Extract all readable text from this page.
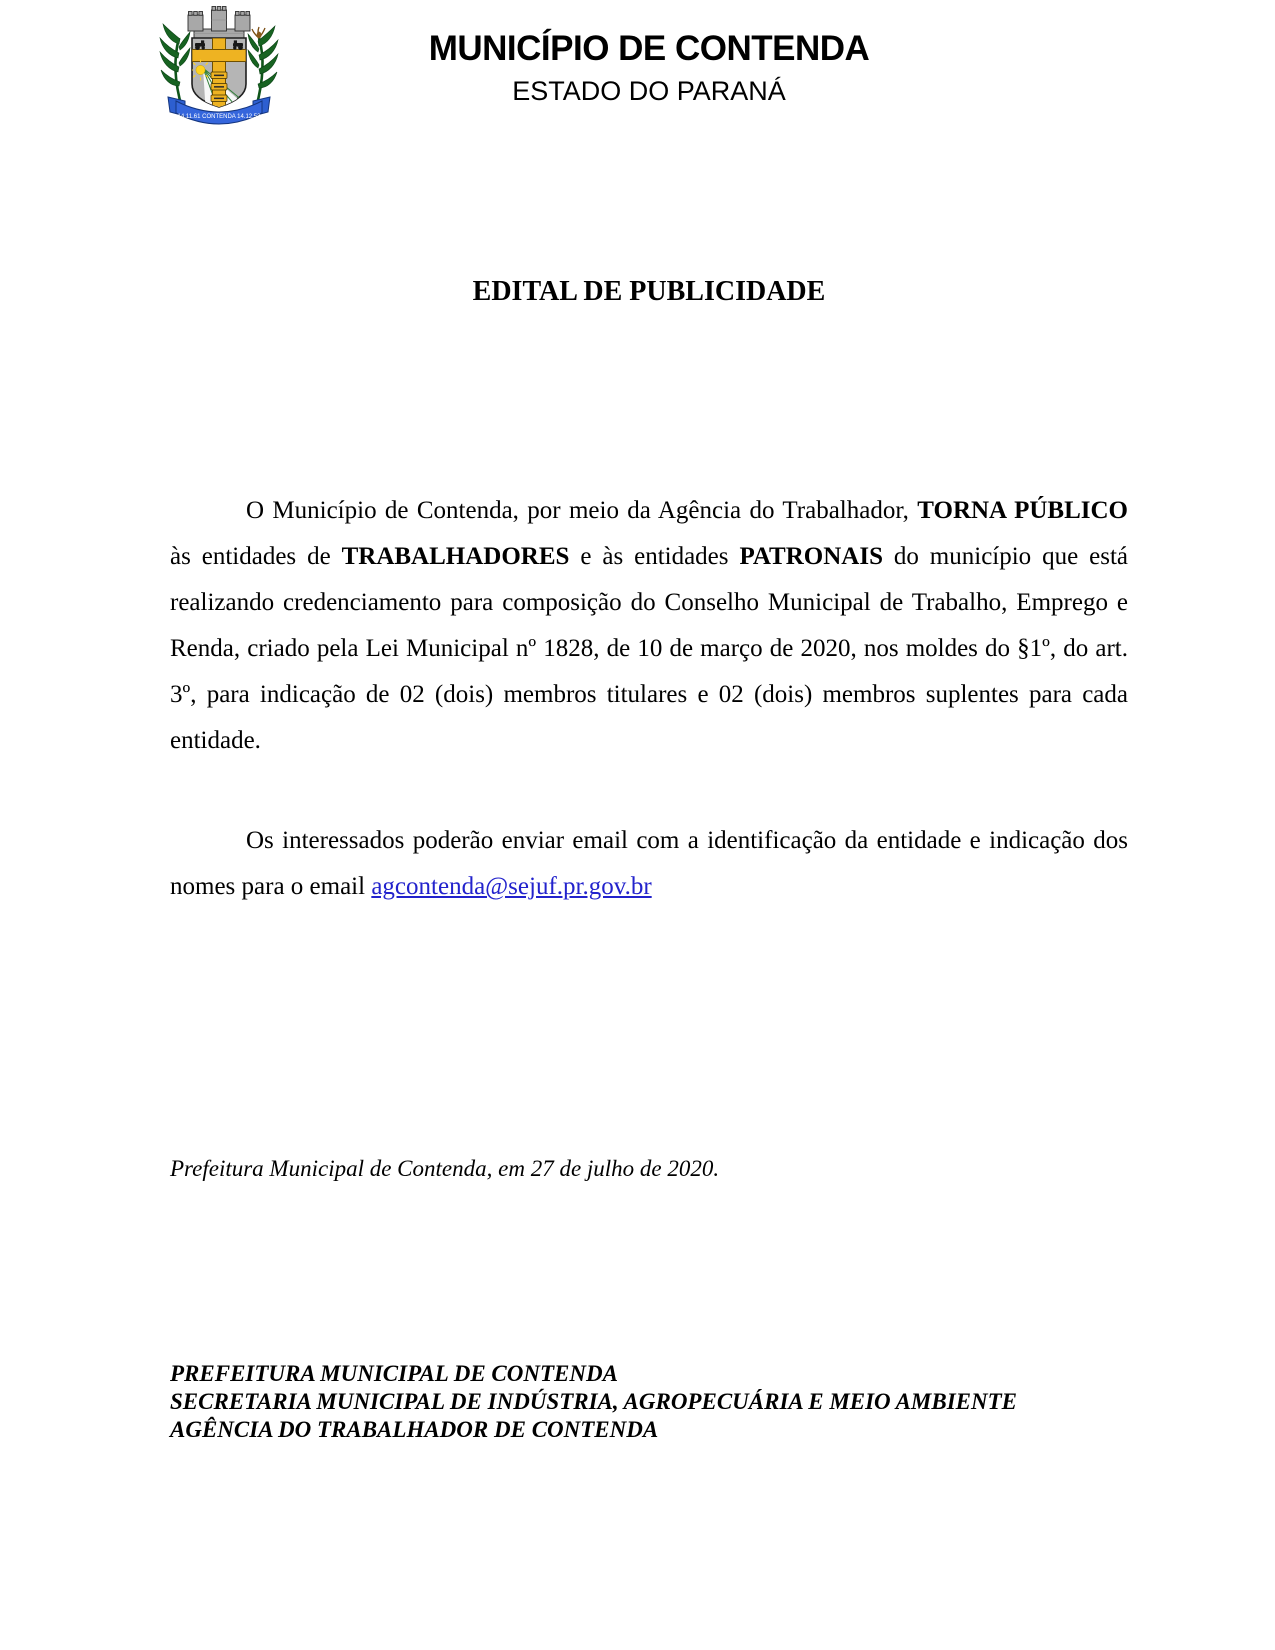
14.11.61 CONTENDA 14.12.52
MUNICÍPIO DE CONTENDA
ESTADO DO PARANÁ
EDITAL DE PUBLICIDADE

O Município de Contenda, por meio da Agência do Trabalhador, TORNA PÚBLICO às entidades de TRABALHADORES e às entidades PATRONAIS do município que está realizando credenciamento para composição do Conselho Municipal de Trabalho, Emprego e Renda, criado pela Lei Municipal nº 1828, de 10 de março de 2020, nos moldes do §1º, do art. 3º, para indicação de 02 (dois) membros titulares e 02 (dois) membros suplentes para cada entidade.

Os interessados poderão enviar email com a identificação da entidade e indicação dos nomes para o email agcontenda@sejuf.pr.gov.br

Prefeitura Municipal de Contenda, em 27 de julho de 2020.
PREFEITURA MUNICIPAL DE CONTENDA
SECRETARIA MUNICIPAL DE INDÚSTRIA, AGROPECUÁRIA E MEIO AMBIENTE
AGÊNCIA DO TRABALHADOR DE CONTENDA
